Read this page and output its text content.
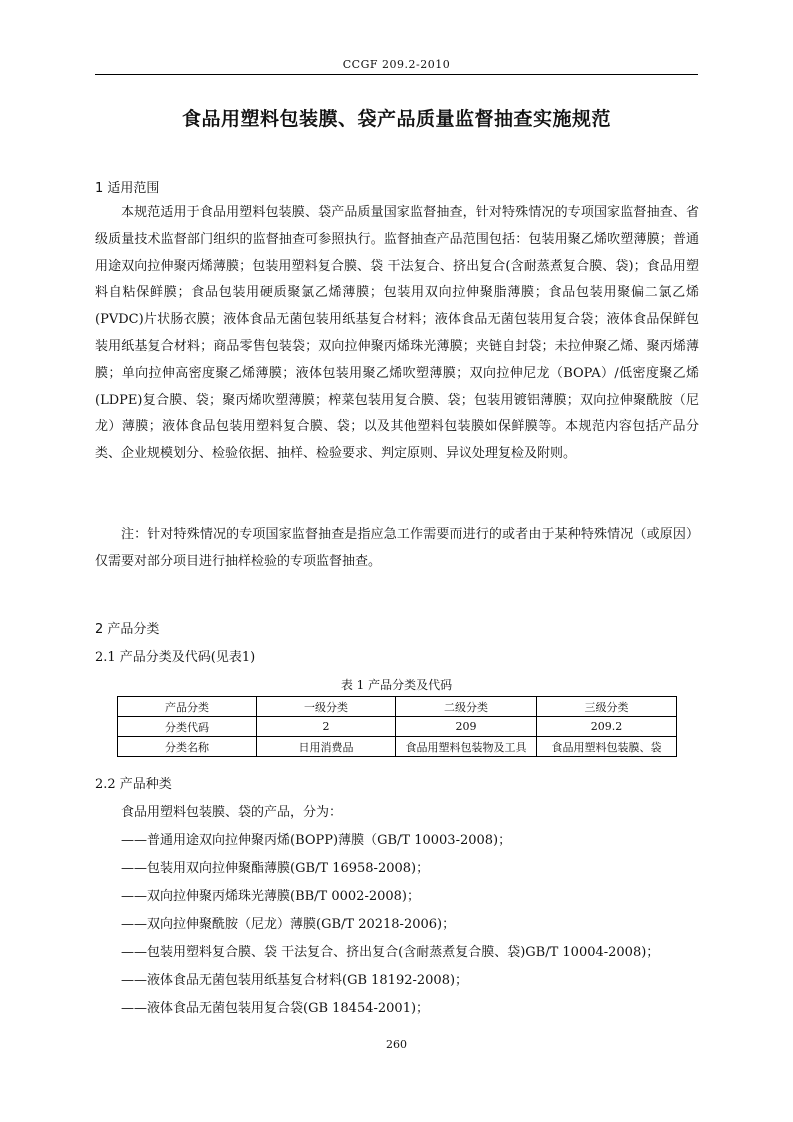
CCGF 209.2-2010
食品用塑料包装膜、袋产品质量监督抽查实施规范
1 适用范围

本规范适用于食品用塑料包装膜、袋产品质量国家监督抽查，针对特殊情况的专项国家监督抽查、省级质量技术监督部门组织的监督抽查可参照执行。监督抽查产品范围包括：包装用聚乙烯吹塑薄膜；普通用途双向拉伸聚丙烯薄膜；包装用塑料复合膜、袋 干法复合、挤出复合(含耐蒸煮复合膜、袋)；食品用塑料自粘保鲜膜；食品包装用硬质聚氯乙烯薄膜；包装用双向拉伸聚脂薄膜；食品包装用聚偏二氯乙烯(PVDC)片状肠衣膜；液体食品无菌包装用纸基复合材料；液体食品无菌包装用复合袋；液体食品保鲜包装用纸基复合材料；商品零售包装袋；双向拉伸聚丙烯珠光薄膜；夹链自封袋；未拉伸聚乙烯、聚丙烯薄膜；单向拉伸高密度聚乙烯薄膜；液体包装用聚乙烯吹塑薄膜；双向拉伸尼龙（BOPA）/低密度聚乙烯(LDPE)复合膜、袋；聚丙烯吹塑薄膜；榨菜包装用复合膜、袋；包装用镀铝薄膜；双向拉伸聚酰胺（尼龙）薄膜；液体食品包装用塑料复合膜、袋；以及其他塑料包装膜如保鲜膜等。本规范内容包括产品分类、企业规模划分、检验依据、抽样、检验要求、判定原则、异议处理复检及附则。

注：针对特殊情况的专项国家监督抽查是指应急工作需要而进行的或者由于某种特殊情况（或原因）仅需要对部分项目进行抽样检验的专项监督抽查。

2 产品分类
2.1 产品分类及代码(见表1)
表 1 产品分类及代码
产品分类	一级分类	二级分类	三级分类
分类代码	2	209	209.2
分类名称	日用消费品	食品用塑料包装物及工具	食品用塑料包装膜、袋
2.2 产品种类
食品用塑料包装膜、袋的产品，分为：
——普通用途双向拉伸聚丙烯(BOPP)薄膜（GB/T 10003-2008)；
——包装用双向拉伸聚酯薄膜(GB/T 16958-2008)；
——双向拉伸聚丙烯珠光薄膜(BB/T 0002-2008)；
——双向拉伸聚酰胺（尼龙）薄膜(GB/T 20218-2006)；
——包装用塑料复合膜、袋 干法复合、挤出复合(含耐蒸煮复合膜、袋)GB/T 10004-2008)；
——液体食品无菌包装用纸基复合材料(GB 18192-2008)；
——液体食品无菌包装用复合袋(GB 18454-2001)；
260
